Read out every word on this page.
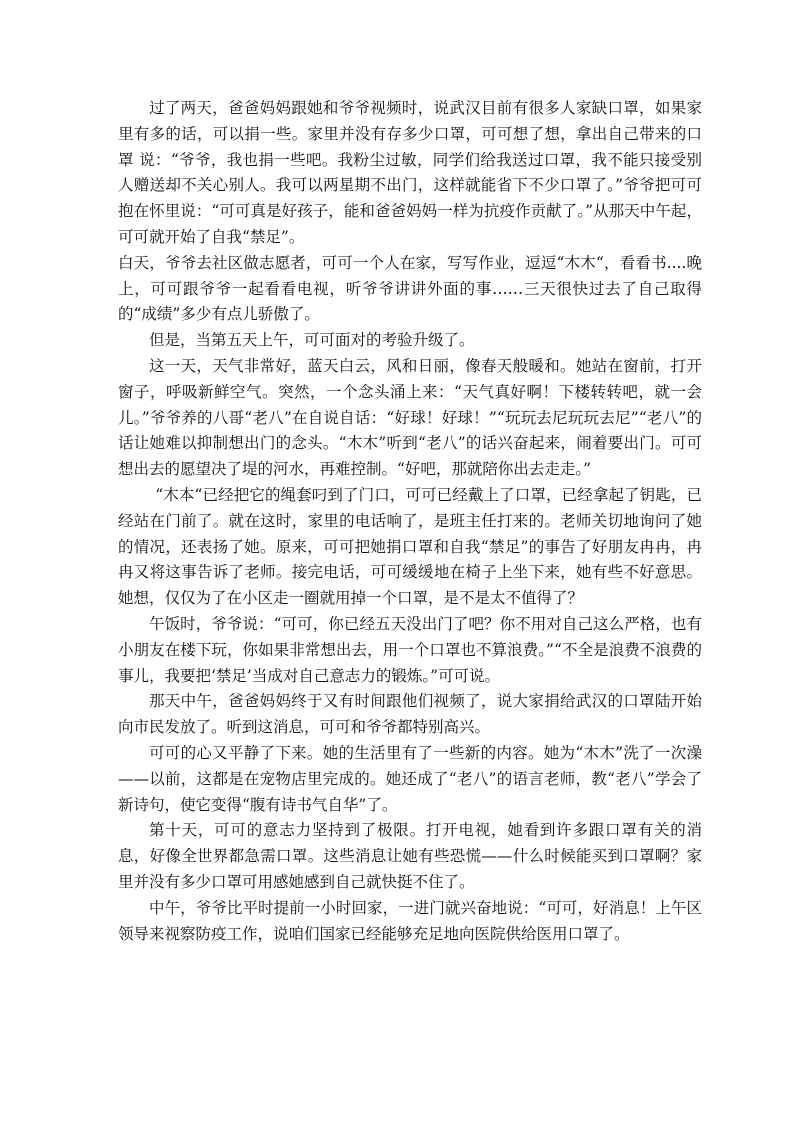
过了两天，爸爸妈妈跟她和爷爷视频时，说武汉目前有很多人家缺口罩，如果家里有多的话，可以捐一些。家里并没有存多少口罩，可可想了想，拿出自己带来的口罩 说：“爷爷，我也捐一些吧。我粉尘过敏，同学们给我送过口罩，我不能只接受别人赠送却不关心别人。我可以两星期不出门，这样就能省下不少口罩了。”爷爷把可可抱在怀里说：“可可真是好孩子，能和爸爸妈妈一样为抗疫作贡献了。”从那天中午起，可可就开始了自我“禁足”。

白天，爷爷去社区做志愿者，可可一个人在家，写写作业，逗逗“木木“，看看书....晚上，可可跟爷爷一起看看电视，听爷爷讲讲外面的事……三天很快过去了自己取得的“成绩”多少有点儿骄傲了。

但是，当第五天上午，可可面对的考验升级了。

这一天，天气非常好，蓝天白云，风和日丽，像春天般暖和。她站在窗前，打开窗子，呼吸新鲜空气。突然，一个念头涌上来：“天气真好啊！下楼转转吧，就一会儿。”爷爷养的八哥“老八”在自说自话：“好球！好球！”“玩玩去尼玩玩去尼”“老八”的话让她难以抑制想出门的念头。“木木”听到“老八”的话兴奋起来，闹着要出门。可可想出去的愿望决了堤的河水，再难控制。“好吧，那就陪你出去走走。”

“木本“已经把它的绳套叼到了门口，可可已经戴上了口罩，已经拿起了钥匙，已经站在门前了。就在这时，家里的电话响了，是班主任打来的。老师关切地询问了她的情况，还表扬了她。原来，可可把她捐口罩和自我“禁足”的事告了好朋友冉冉，冉冉又将这事告诉了老师。接完电话，可可缓缓地在椅子上坐下来，她有些不好意思。她想，仅仅为了在小区走一圈就用掉一个口罩，是不是太不值得了？

午饭时，爷爷说：“可可，你已经五天没出门了吧？你不用对自己这么严格，也有小朋友在楼下玩，你如果非常想出去，用一个口罩也不算浪费。”“不全是浪费不浪费的事儿，我要把‘禁足’当成对自己意志力的锻炼。”可可说。

那天中午，爸爸妈妈终于又有时间跟他们视频了，说大家捐给武汉的口罩陆开始向市民发放了。听到这消息，可可和爷爷都特别高兴。

可可的心又平静了下来。她的生活里有了一些新的内容。她为“木木”洗了一次澡——以前，这都是在宠物店里完成的。她还成了“老八”的语言老师，教“老八”学会了新诗句，使它变得“腹有诗书气自华”了。

第十天，可可的意志力坚持到了极限。打开电视，她看到许多跟口罩有关的消息，好像全世界都急需口罩。这些消息让她有些恐慌——什么时候能买到口罩啊？家里并没有多少口罩可用感她感到自己就快挺不住了。

中午，爷爷比平时提前一小时回家，一进门就兴奋地说：“可可，好消息！上午区领导来视察防疫工作，说咱们国家已经能够充足地向医院供给医用口罩了。
